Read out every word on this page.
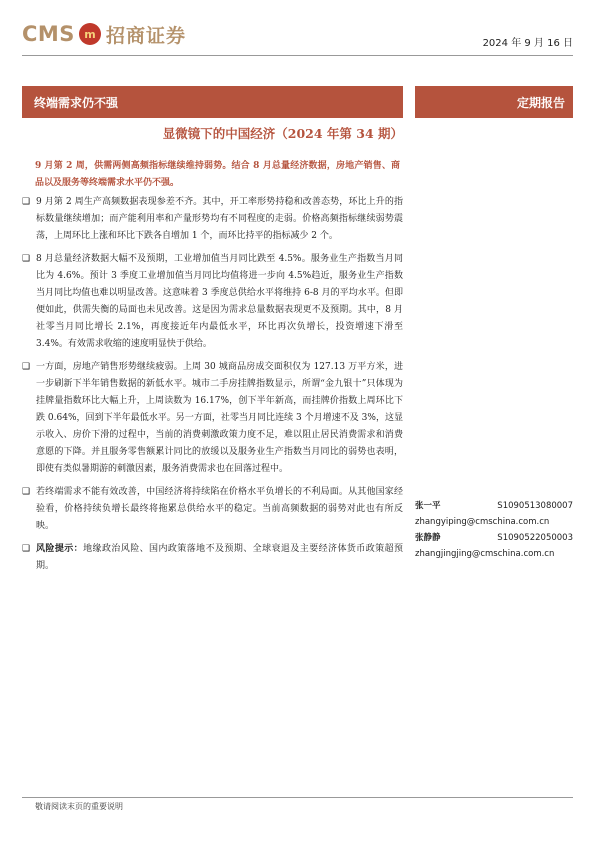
CMS m 招商证券	2024 年 9 月 16 日
终端需求仍不强	定期报告
显微镜下的中国经济（2024 年第 34 期）
9 月第 2 周，供需两侧高频指标继续维持弱势。结合 8 月总量经济数据，房地产销售、商品以及服务等终端需求水平仍不强。
❑ 9 月第 2 周生产高频数据表现参差不齐。其中，开工率形势持稳和改善态势，环比上升的指标数量继续增加；而产能利用率和产量形势均有不同程度的走弱。价格高频指标继续弱势震荡，上周环比上涨和环比下跌各自增加 1 个，而环比持平的指标减少 2 个。
❑ 8 月总量经济数据大幅不及预期，工业增加值当月同比跌至 4.5%。服务业生产指数当月同比为 4.6%。预计 3 季度工业增加值当月同比均值将进一步向 4.5%趋近，服务业生产指数当月同比均值也难以明显改善。这意味着 3 季度总供给水平将维持 6-8 月的平均水平。但即便如此，供需失衡的局面也未见改善。这是因为需求总量数据表现更不及预期。其中，8 月社零当月同比增长 2.1%，再度接近年内最低水平，环比再次负增长，投资增速下滑至 3.4%。有效需求收缩的速度明显快于供给。
❑ 一方面，房地产销售形势继续疲弱。上周 30 城商品房成交面积仅为 127.13 万平方米，进一步刷新下半年销售数据的新低水平。城市二手房挂牌指数显示，所谓“金九银十”只体现为挂牌量指数环比大幅上升，上周读数为 16.17%，创下半年新高，而挂牌价指数上周环比下跌 0.64%，回到下半年最低水平。另一方面，社零当月同比连续 3 个月增速不及 3%，这显示收入、房价下滑的过程中，当前的消费刺激政策力度不足，难以阻止居民消费需求和消费意愿的下降。并且服务零售额累计同比的放缓以及服务业生产指数当月同比的弱势也表明，即使有类似暑期游的刺激因素，服务消费需求也在回落过程中。
❑ 若终端需求不能有效改善，中国经济将持续陷在价格水平负增长的不利局面。从其他国家经验看，价格持续负增长最终将拖累总供给水平的稳定。当前高频数据的弱势对此也有所反映。
❑ 风险提示：地缘政治风险、国内政策落地不及预期、全球衰退及主要经济体货币政策超预期。
张一平	S1090513080007
zhangyiping@cmschina.com.cn
张静静	S1090522050003
zhangjingjing@cmschina.com.cn
敬请阅读末页的重要说明
